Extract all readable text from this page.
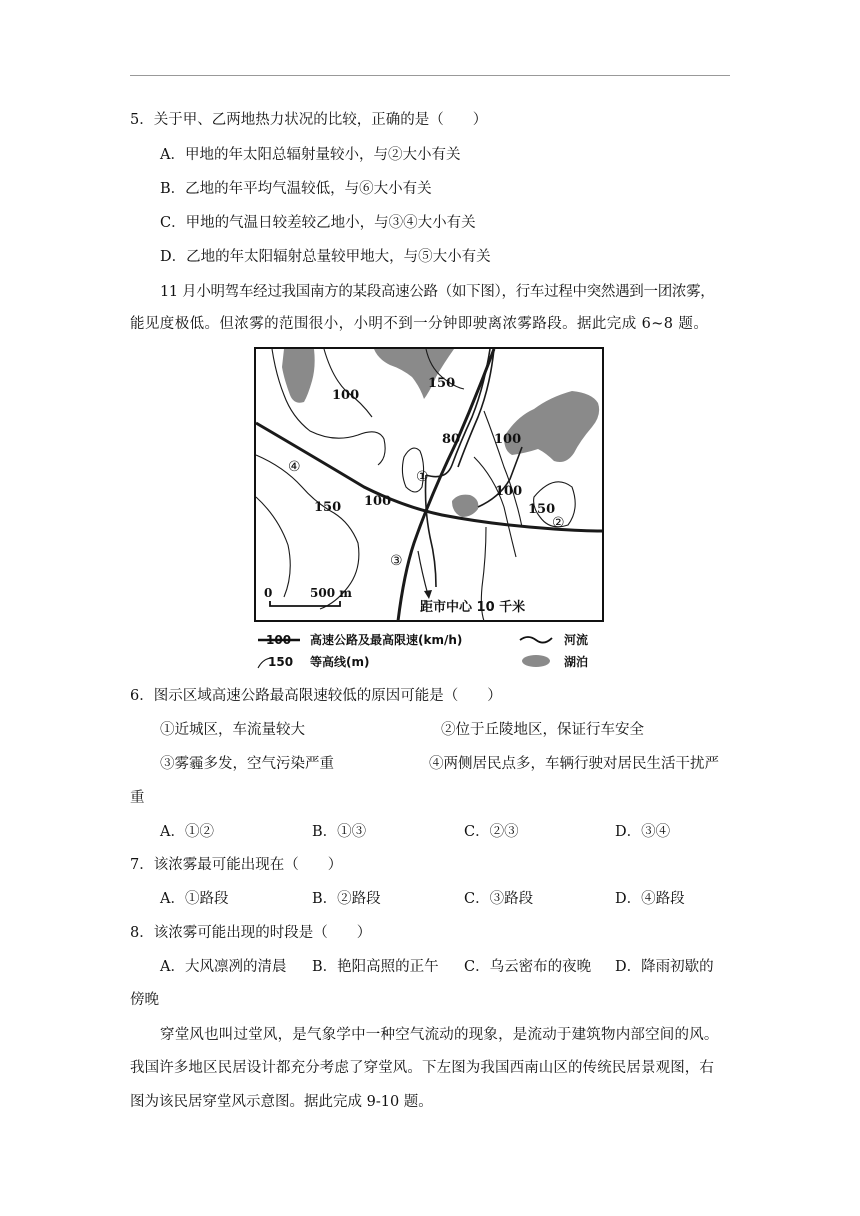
5．关于甲、乙两地热力状况的比较，正确的是（　　）
A．甲地的年太阳总辐射量较小，与②大小有关
B．乙地的年平均气温较低，与⑥大小有关
C．甲地的气温日较差较乙地小，与③④大小有关
D．乙地的年太阳辐射总量较甲地大，与⑤大小有关
11 月小明驾车经过我国南方的某段高速公路（如下图），行车过程中突然遇到一团浓雾，
能见度极低。但浓雾的范围很小，小明不到一分钟即驶离浓雾路段。据此完成 6~8 题。
150
100
100
80
100
150
150 100
①
②
③
④
0	500 m
距市中心 10 千米
100 高速公路及最高限速(km/h)
150 等高线(m)
河流
湖泊
6．图示区域高速公路最高限速较低的原因可能是（　　）
①近城区，车流量较大	②位于丘陵地区，保证行车安全
③雾霾多发，空气污染严重	④两侧居民点多，车辆行驶对居民生活干扰严
重
A．①②	B．①③	C．②③	D．③④
7．该浓雾最可能出现在（　　）
A．①路段	B．②路段	C．③路段	D．④路段
8．该浓雾可能出现的时段是（　　）
A．大风凛冽的清晨 B．艳阳高照的正午 C．乌云密布的夜晚 D．降雨初歇的
傍晚
穿堂风也叫过堂风，是气象学中一种空气流动的现象，是流动于建筑物内部空间的风。
我国许多地区民居设计都充分考虑了穿堂风。下左图为我国西南山区的传统民居景观图，右
图为该民居穿堂风示意图。据此完成 9-10 题。
